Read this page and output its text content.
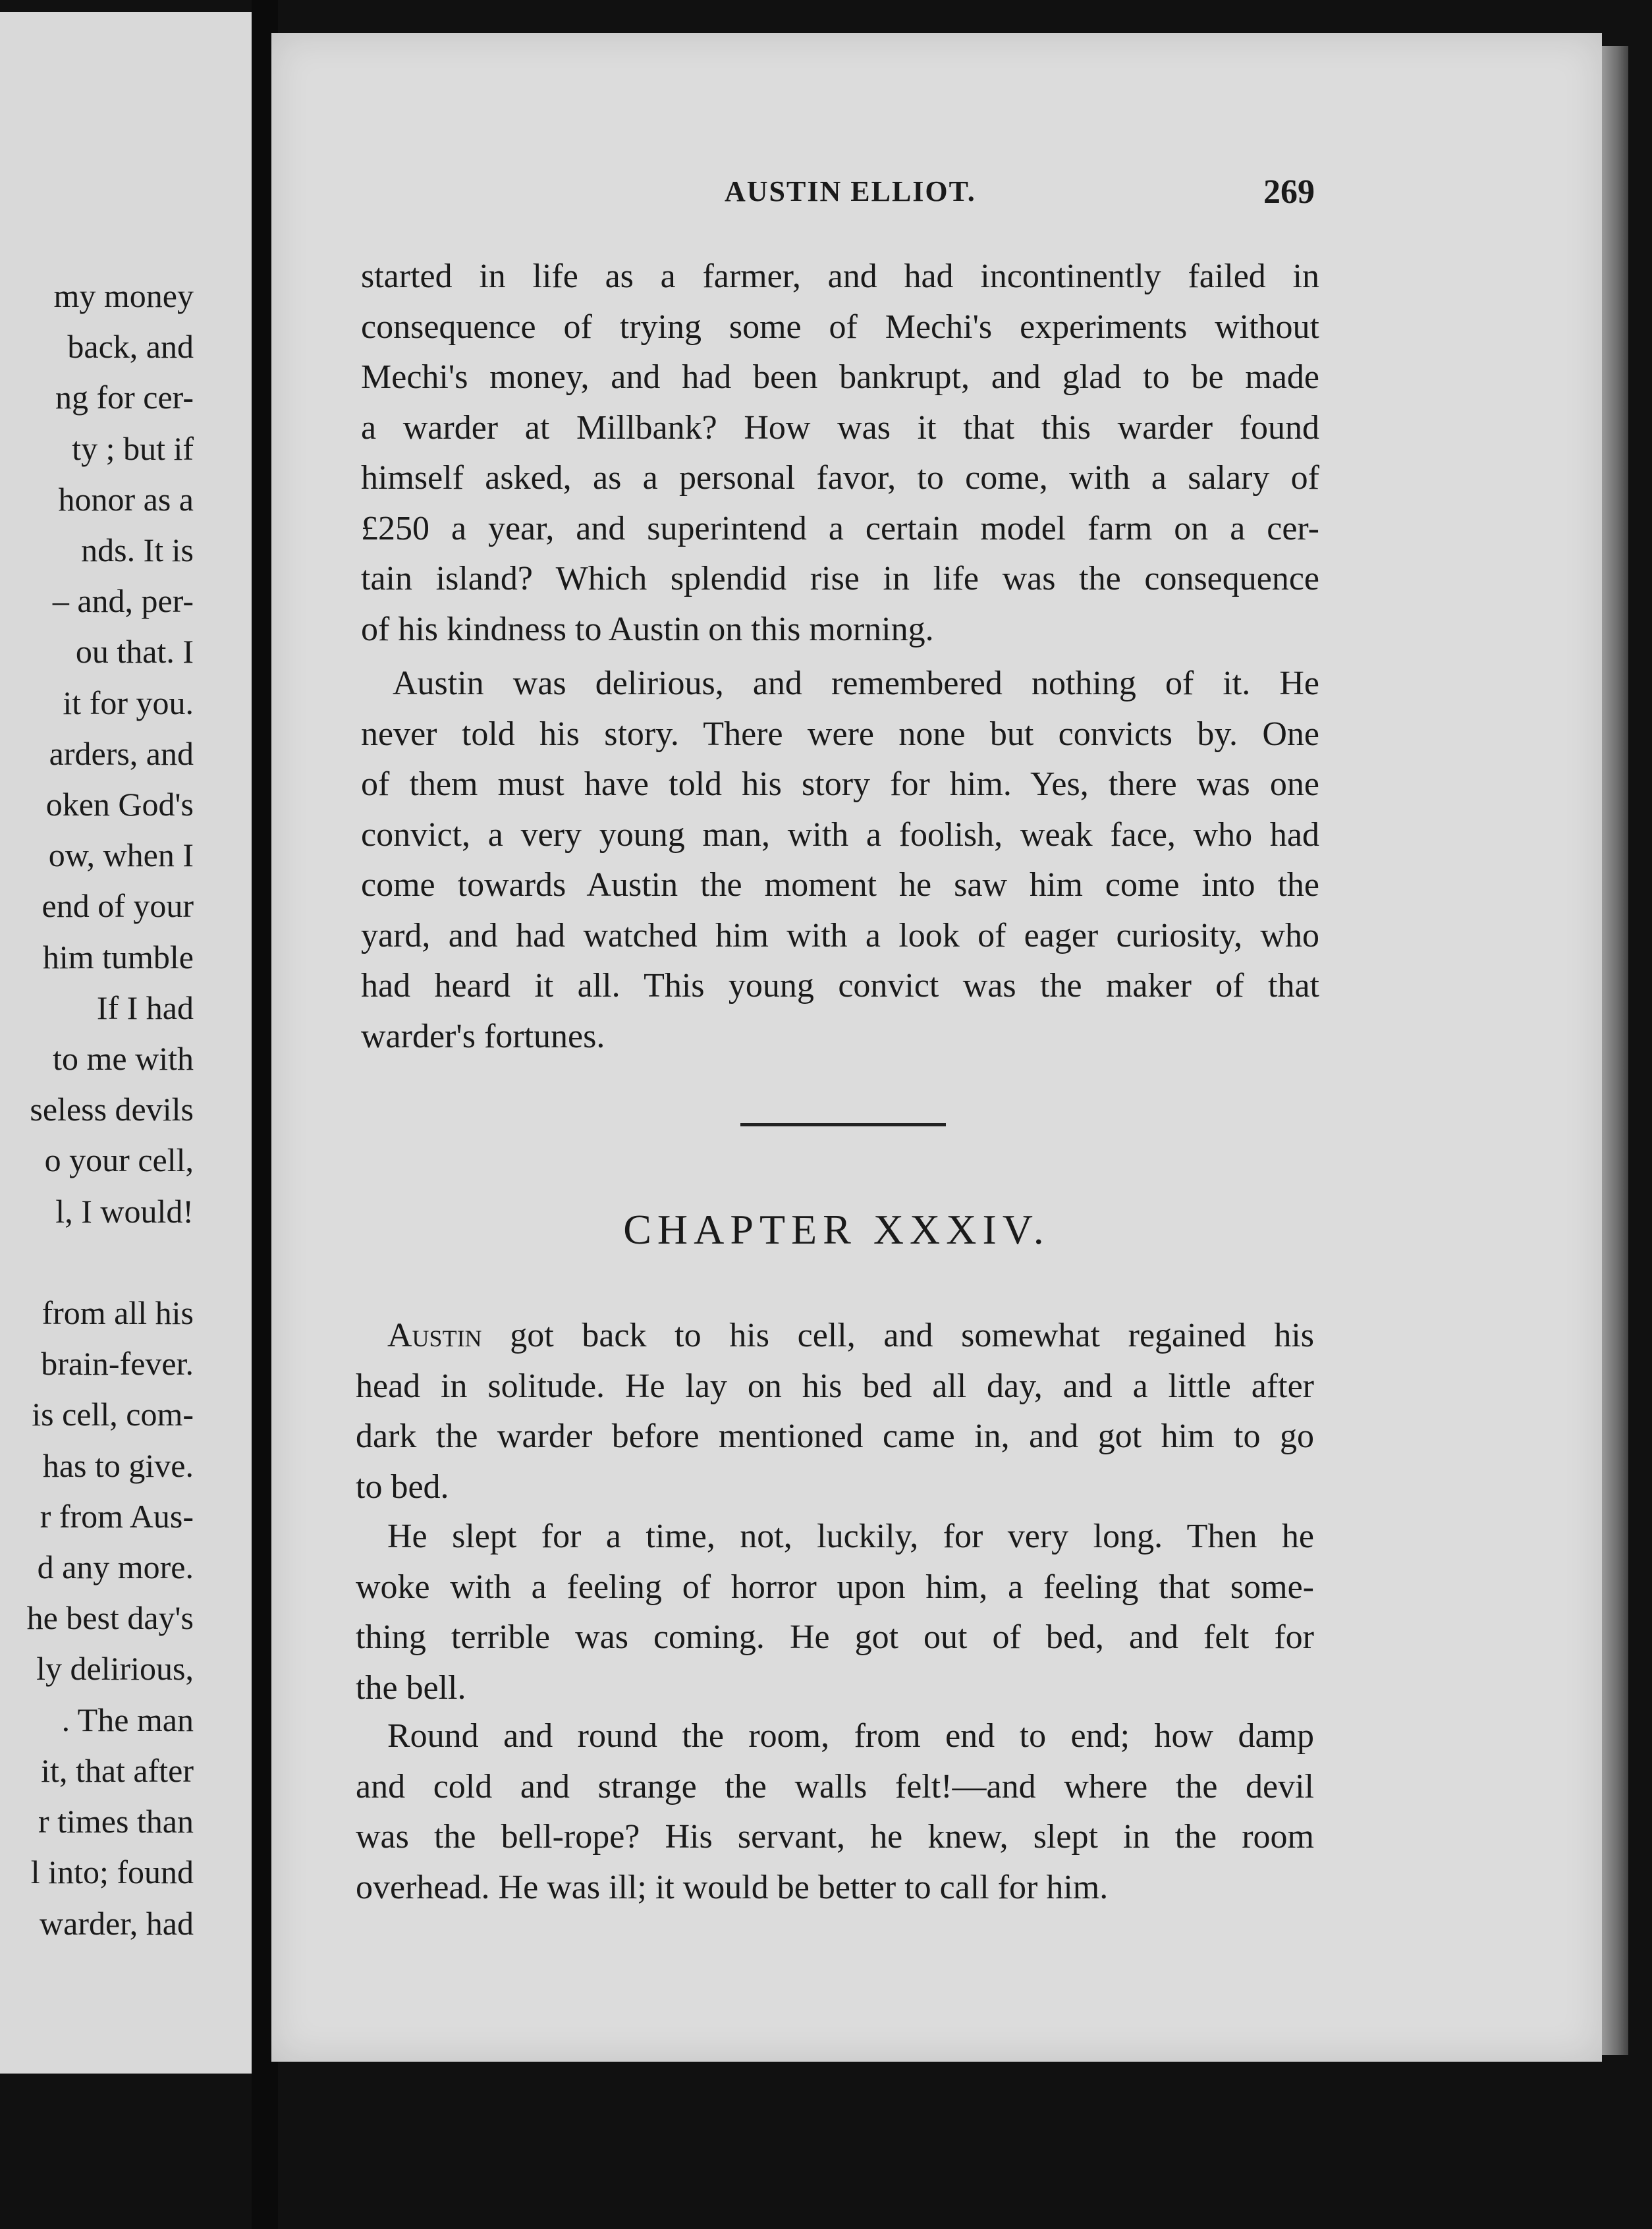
my money
back, and
ng for cer-
ty ; but if
honor as a
nds. It is
– and, per-
ou that. I
it for you.
arders, and
oken God's
ow, when I
end of your
him tumble
If I had
to me with
seless devils
o your cell,
l, I would!

from all his
brain-fever.
is cell, com-
has to give.
r from Aus-
d any more.
he best day's
ly delirious,
. The man
it, that after
r times than
l into; found
warder, had
AUSTIN ELLIOT.	269
started in life as a farmer, and had incontinently failed in
consequence of trying some of Mechi's experiments without
Mechi's money, and had been bankrupt, and glad to be made
a warder at Millbank? How was it that this warder found
himself asked, as a personal favor, to come, with a salary of
£250 a year, and superintend a certain model farm on a cer-
tain island? Which splendid rise in life was the consequence
of his kindness to Austin on this morning.
Austin was delirious, and remembered nothing of it. He
never told his story. There were none but convicts by. One
of them must have told his story for him. Yes, there was one
convict, a very young man, with a foolish, weak face, who had
come towards Austin the moment he saw him come into the
yard, and had watched him with a look of eager curiosity, who
had heard it all. This young convict was the maker of that
warder's fortunes.
CHAPTER XXXIV.
Austin got back to his cell, and somewhat regained his
head in solitude. He lay on his bed all day, and a little after
dark the warder before mentioned came in, and got him to go
to bed.
He slept for a time, not, luckily, for very long. Then he
woke with a feeling of horror upon him, a feeling that some-
thing terrible was coming. He got out of bed, and felt for
the bell.
Round and round the room, from end to end; how damp
and cold and strange the walls felt!—and where the devil
was the bell-rope? His servant, he knew, slept in the room
overhead. He was ill; it would be better to call for him.
